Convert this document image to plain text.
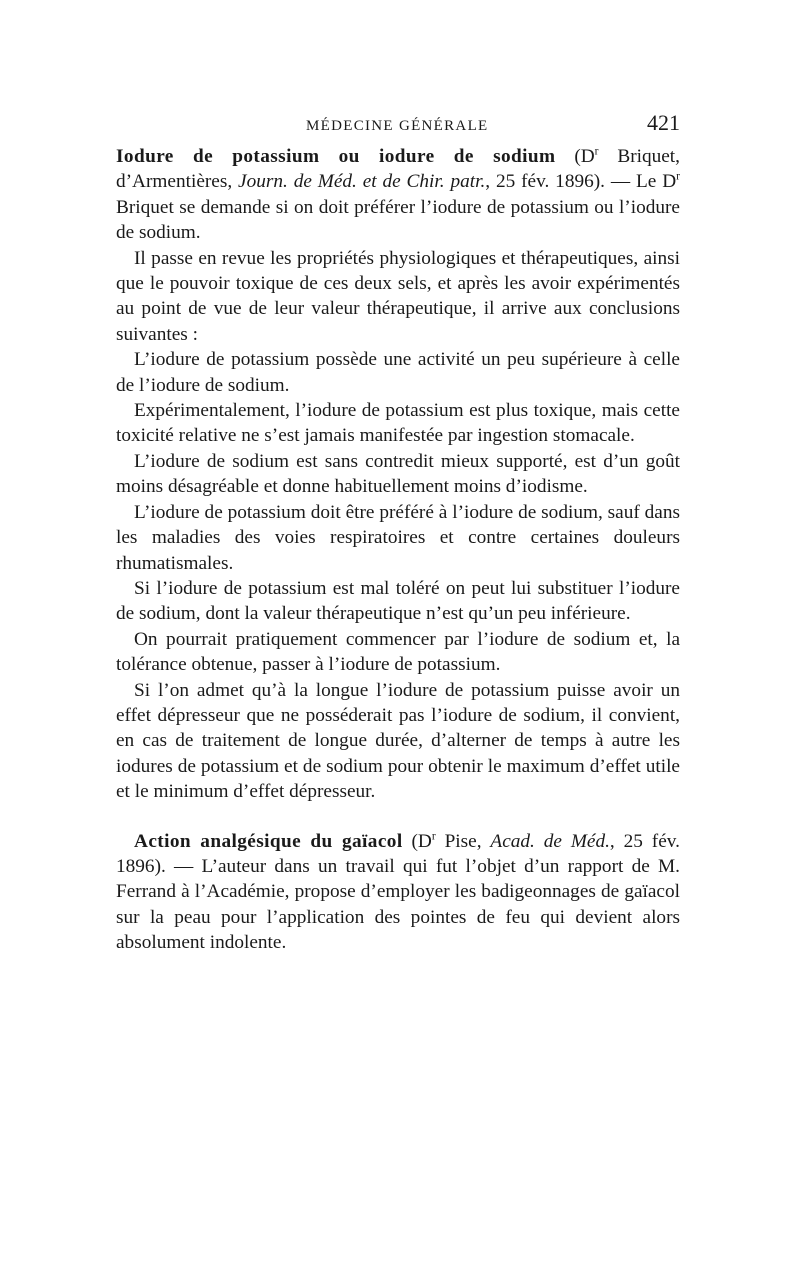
MÉDECINE GÉNÉRALE	421

Iodure de potassium ou iodure de sodium ($D^r$ Briquet, d’Armentières, Journ. de Méd. et de Chir. patr., 25 fév. 1896). — Le $D^r$ Briquet se demande si on doit préférer l’iodure de potassium ou l’iodure de sodium.

Il passe en revue les propriétés physiologiques et thérapeutiques, ainsi que le pouvoir toxique de ces deux sels, et après les avoir expérimentés au point de vue de leur valeur thérapeutique, il arrive aux conclusions suivantes :

L’iodure de potassium possède une activité un peu supérieure à celle de l’iodure de sodium.

Expérimentalement, l’iodure de potassium est plus toxique, mais cette toxicité relative ne s’est jamais manifestée par ingestion stomacale.

L’iodure de sodium est sans contredit mieux supporté, est d’un goût moins désagréable et donne habituellement moins d’iodisme.

L’iodure de potassium doit être préféré à l’iodure de sodium, sauf dans les maladies des voies respiratoires et contre certaines douleurs rhumatismales.

Si l’iodure de potassium est mal toléré on peut lui substituer l’iodure de sodium, dont la valeur thérapeutique n’est qu’un peu inférieure.

On pourrait pratiquement commencer par l’iodure de sodium et, la tolérance obtenue, passer à l’iodure de potassium.

Si l’on admet qu’à la longue l’iodure de potassium puisse avoir un effet dépresseur que ne posséderait pas l’iodure de sodium, il convient, en cas de traitement de longue durée, d’alterner de temps à autre les iodures de potassium et de sodium pour obtenir le maximum d’effet utile et le minimum d’effet dépresseur.

Action analgésique du gaïacol ($D^r$ Pise, Acad. de Méd., 25 fév. 1896). — L’auteur dans un travail qui fut l’objet d’un rapport de M. Ferrand à l’Académie, propose d’employer les badigeonnages de gaïacol sur la peau pour l’application des pointes de feu qui devient alors absolument indolente.
